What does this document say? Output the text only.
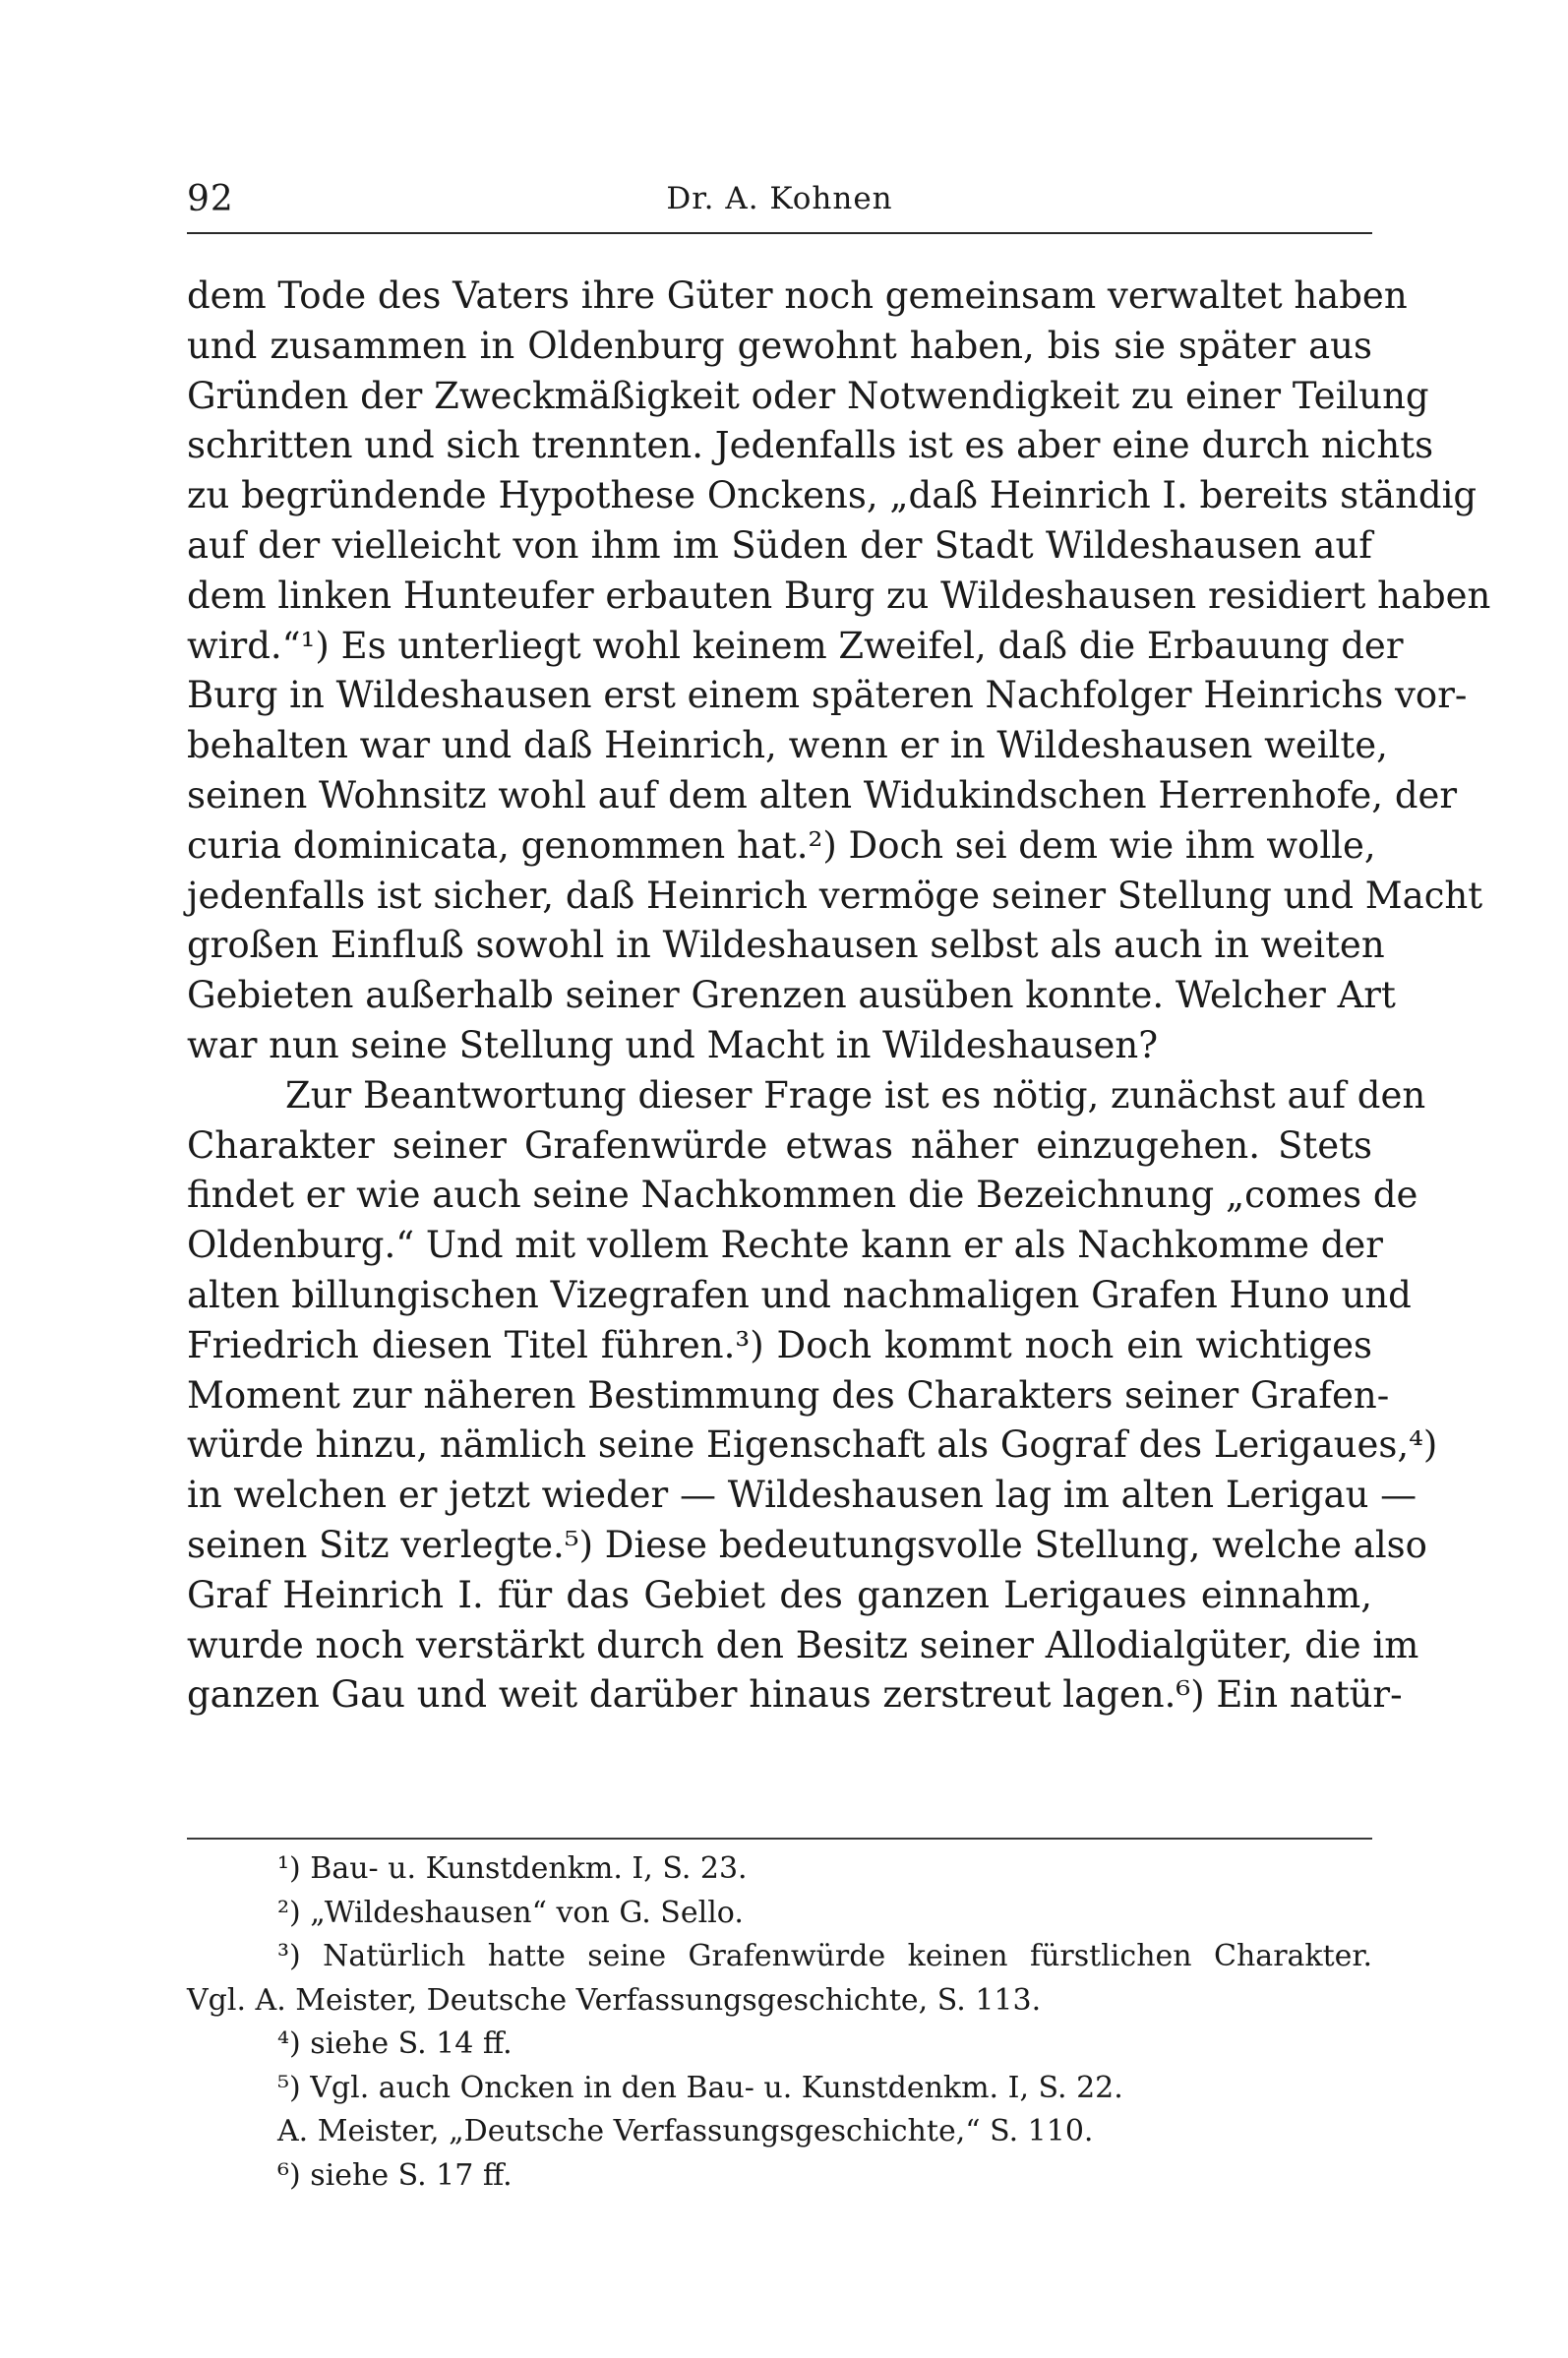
92	Dr. A. Kohnen
dem Tode des Vaters ihre Güter noch gemeinsam verwaltet haben
und zusammen in Oldenburg gewohnt haben, bis sie später aus
Gründen der Zweckmäßigkeit oder Notwendigkeit zu einer Teilung
schritten und sich trennten. Jedenfalls ist es aber eine durch nichts
zu begründende Hypothese Onckens, „daß Heinrich I. bereits ständig
auf der vielleicht von ihm im Süden der Stadt Wildeshausen auf
dem linken Hunteufer erbauten Burg zu Wildeshausen residiert haben
wird.“¹) Es unterliegt wohl keinem Zweifel, daß die Erbauung der
Burg in Wildeshausen erst einem späteren Nachfolger Heinrichs vor-
behalten war und daß Heinrich, wenn er in Wildeshausen weilte,
seinen Wohnsitz wohl auf dem alten Widukindschen Herrenhofe, der
curia dominicata, genommen hat.²) Doch sei dem wie ihm wolle,
jedenfalls ist sicher, daß Heinrich vermöge seiner Stellung und Macht
großen Einfluß sowohl in Wildeshausen selbst als auch in weiten
Gebieten außerhalb seiner Grenzen ausüben konnte. Welcher Art
war nun seine Stellung und Macht in Wildeshausen?
Zur Beantwortung dieser Frage ist es nötig, zunächst auf den
Charakter seiner Grafenwürde etwas näher einzugehen. Stets
findet er wie auch seine Nachkommen die Bezeichnung „comes de
Oldenburg.“ Und mit vollem Rechte kann er als Nachkomme der
alten billungischen Vizegrafen und nachmaligen Grafen Huno und
Friedrich diesen Titel führen.³) Doch kommt noch ein wichtiges
Moment zur näheren Bestimmung des Charakters seiner Grafen-
würde hinzu, nämlich seine Eigenschaft als Gograf des Lerigaues,⁴)
in welchen er jetzt wieder — Wildeshausen lag im alten Lerigau —
seinen Sitz verlegte.⁵) Diese bedeutungsvolle Stellung, welche also
Graf Heinrich I. für das Gebiet des ganzen Lerigaues einnahm,
wurde noch verstärkt durch den Besitz seiner Allodialgüter, die im
ganzen Gau und weit darüber hinaus zerstreut lagen.⁶) Ein natür-
¹) Bau- u. Kunstdenkm. I, S. 23.
²) „Wildeshausen“ von G. Sello.
³) Natürlich hatte seine Grafenwürde keinen fürstlichen Charakter.
Vgl. A. Meister, Deutsche Verfassungsgeschichte, S. 113.
⁴) siehe S. 14 ff.
⁵) Vgl. auch Oncken in den Bau- u. Kunstdenkm. I, S. 22.
A. Meister, „Deutsche Verfassungsgeschichte,“ S. 110.
⁶) siehe S. 17 ff.
